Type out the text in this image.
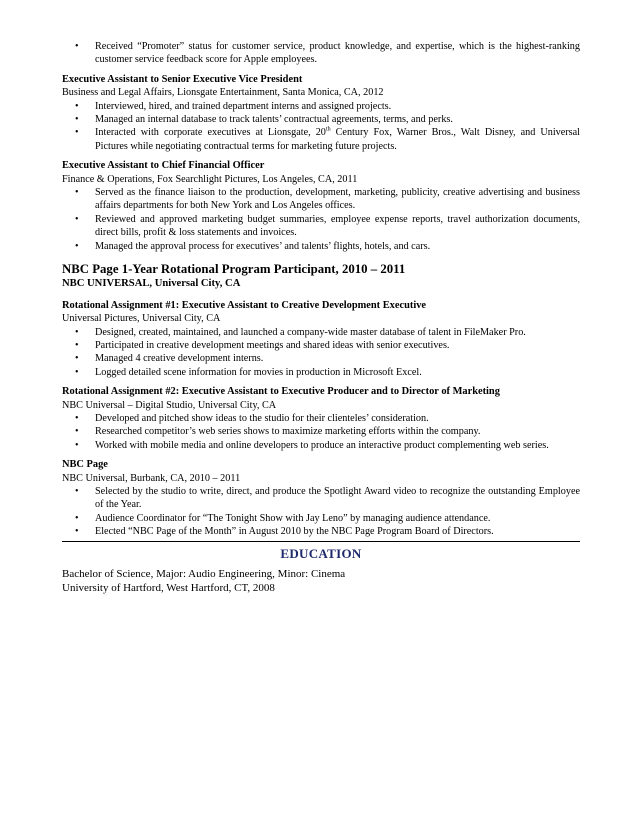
• Received “Promoter” status for customer service, product knowledge, and expertise, which is the highest-ranking customer service feedback score for Apple employees.
Executive Assistant to Senior Executive Vice President
Business and Legal Affairs, Lionsgate Entertainment, Santa Monica, CA, 2012
• Interviewed, hired, and trained department interns and assigned projects.
• Managed an internal database to track talents’ contractual agreements, terms, and perks.
• Interacted with corporate executives at Lionsgate, 20th Century Fox, Warner Bros., Walt Disney, and Universal Pictures while negotiating contractual terms for marketing future projects.
Executive Assistant to Chief Financial Officer
Finance & Operations, Fox Searchlight Pictures, Los Angeles, CA, 2011
• Served as the finance liaison to the production, development, marketing, publicity, creative advertising and business affairs departments for both New York and Los Angeles offices.
• Reviewed and approved marketing budget summaries, employee expense reports, travel authorization documents, direct bills, profit & loss statements and invoices.
• Managed the approval process for executives’ and talents’ flights, hotels, and cars.
NBC Page 1-Year Rotational Program Participant, 2010 – 2011
NBC UNIVERSAL, Universal City, CA
Rotational Assignment #1: Executive Assistant to Creative Development Executive
Universal Pictures, Universal City, CA
• Designed, created, maintained, and launched a company-wide master database of talent in FileMaker Pro.
• Participated in creative development meetings and shared ideas with senior executives.
• Managed 4 creative development interns.
• Logged detailed scene information for movies in production in Microsoft Excel.
Rotational Assignment #2: Executive Assistant to Executive Producer and to Director of Marketing
NBC Universal – Digital Studio, Universal City, CA
• Developed and pitched show ideas to the studio for their clienteles’ consideration.
• Researched competitor’s web series shows to maximize marketing efforts within the company.
• Worked with mobile media and online developers to produce an interactive product complementing web series.
NBC Page
NBC Universal, Burbank, CA, 2010 – 2011
• Selected by the studio to write, direct, and produce the Spotlight Award video to recognize the outstanding Employee of the Year.
• Audience Coordinator for “The Tonight Show with Jay Leno” by managing audience attendance.
• Elected “NBC Page of the Month” in August 2010 by the NBC Page Program Board of Directors.
EDUCATION
Bachelor of Science, Major: Audio Engineering, Minor: Cinema
University of Hartford, West Hartford, CT, 2008
